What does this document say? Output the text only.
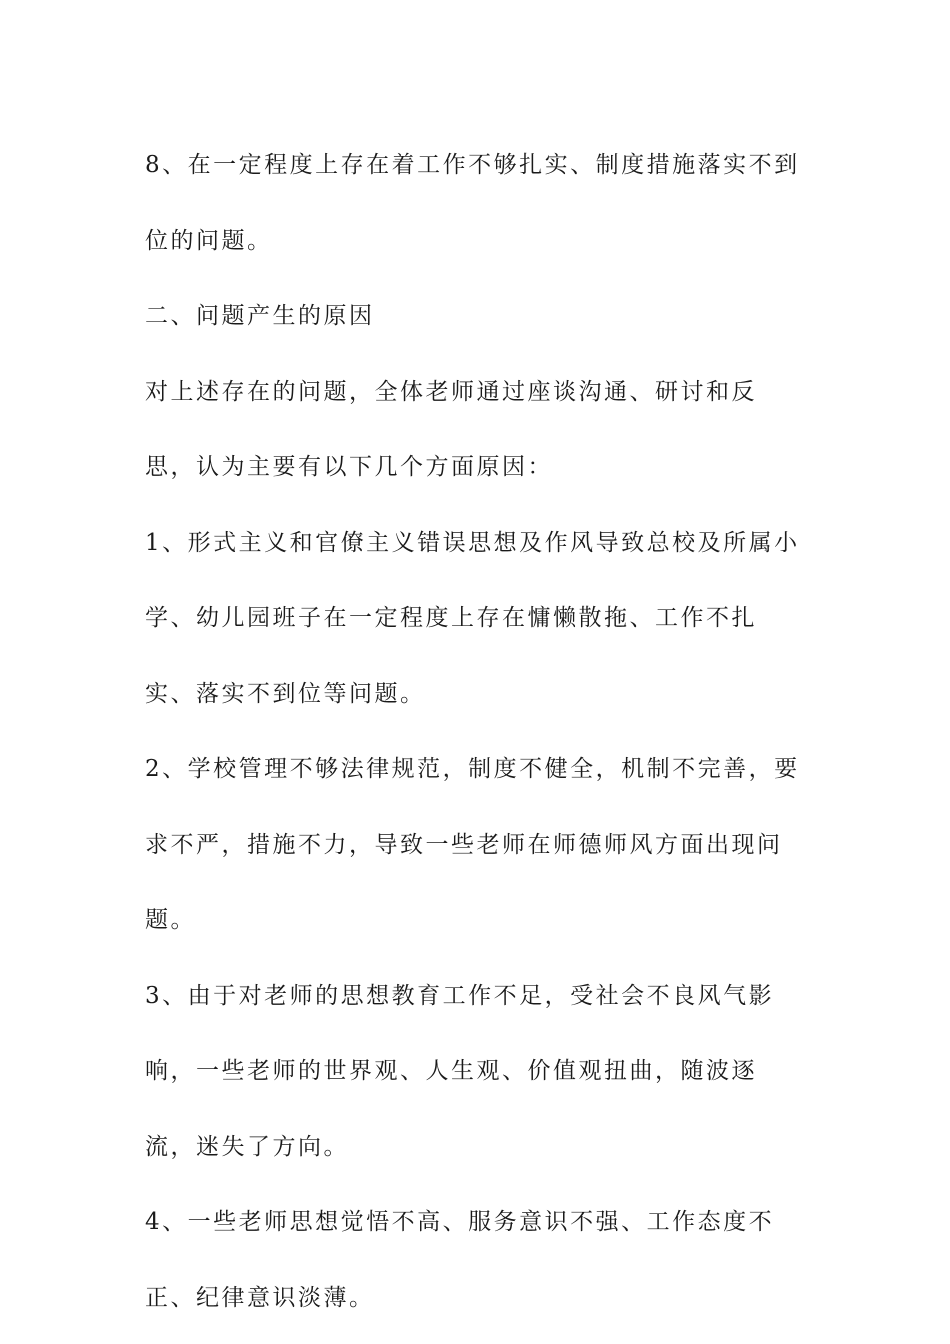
8、在一定程度上存在着工作不够扎实、制度措施落实不到位的问题。

二、问题产生的原因

对上述存在的问题，全体老师通过座谈沟通、研讨和反思，认为主要有以下几个方面原因：

1、形式主义和官僚主义错误思想及作风导致总校及所属小学、幼儿园班子在一定程度上存在慵懒散拖、工作不扎实、落实不到位等问题。

2、学校管理不够法律规范，制度不健全，机制不完善，要求不严，措施不力，导致一些老师在师德师风方面出现问题。

3、由于对老师的思想教育工作不足，受社会不良风气影响，一些老师的世界观、人生观、价值观扭曲，随波逐流，迷失了方向。

4、一些老师思想觉悟不高、服务意识不强、工作态度不正、纪律意识淡薄。
